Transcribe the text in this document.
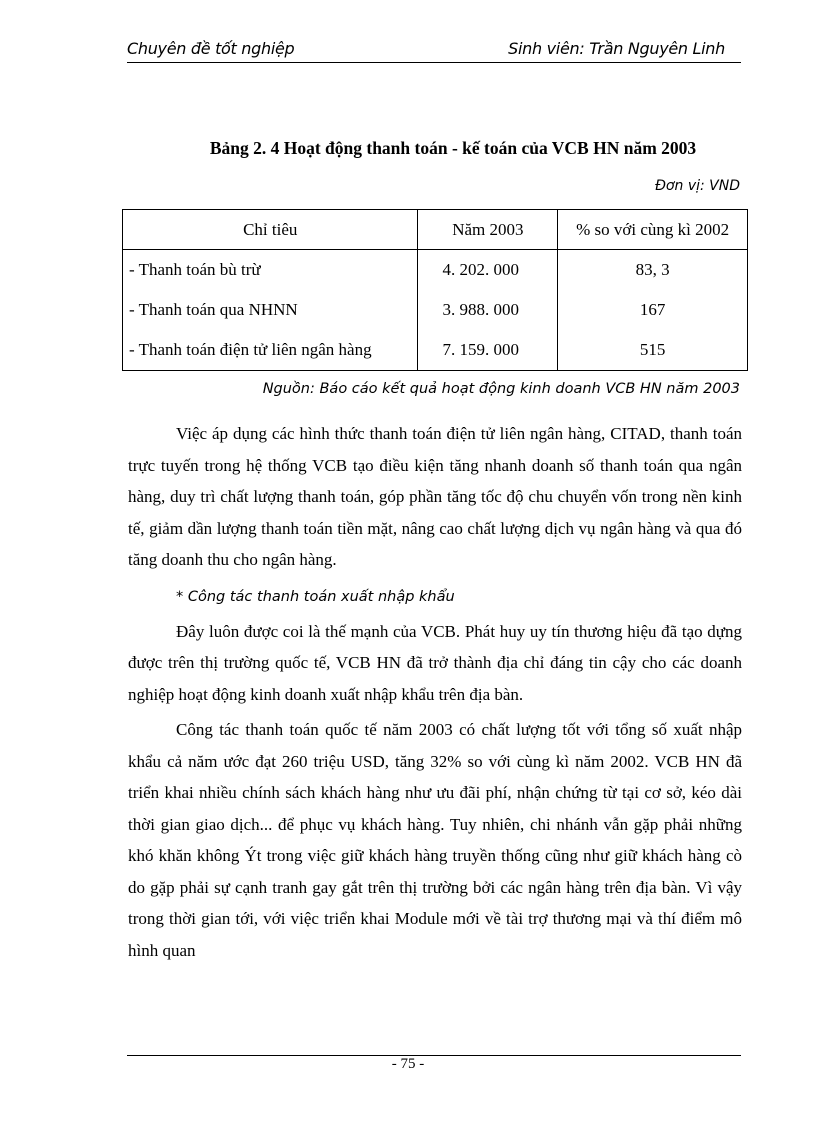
Chuyên đề tốt nghiệp	Sinh viên: Trần Nguyên Linh
Bảng 2. 4 Hoạt động thanh toán - kế toán của VCB HN năm 2003
Đơn vị: VND
Chỉ tiêu	Năm 2003	% so với cùng kì 2002
- Thanh toán bù trừ	4. 202. 000	83, 3
- Thanh toán qua NHNN	3. 988. 000	167
- Thanh toán điện tử liên ngân hàng	7. 159. 000	515
Nguồn: Báo cáo kết quả hoạt động kinh doanh VCB HN năm 2003

Việc áp dụng các hình thức thanh toán điện tử liên ngân hàng, CITAD, thanh toán trực tuyến trong hệ thống VCB tạo điều kiện tăng nhanh doanh số thanh toán qua ngân hàng, duy trì chất lượng thanh toán, góp phần tăng tốc độ chu chuyển vốn trong nền kinh tế, giảm dần lượng thanh toán tiền mặt, nâng cao chất lượng dịch vụ ngân hàng và qua đó tăng doanh thu cho ngân hàng.

* Công tác thanh toán xuất nhập khẩu

Đây luôn được coi là thế mạnh của VCB. Phát huy uy tín thương hiệu đã tạo dựng được trên thị trường quốc tế, VCB HN đã trở thành địa chỉ đáng tin cậy cho các doanh nghiệp hoạt động kinh doanh xuất nhập khẩu trên địa bàn.

Công tác thanh toán quốc tế năm 2003 có chất lượng tốt với tổng số xuất nhập khẩu cả năm ước đạt 260 triệu USD, tăng 32% so với cùng kì năm 2002. VCB HN đã triển khai nhiều chính sách khách hàng như ưu đãi phí, nhận chứng từ tại cơ sở, kéo dài thời gian giao dịch... để phục vụ khách hàng. Tuy nhiên, chi nhánh vẫn gặp phải những khó khăn không Ýt trong việc giữ khách hàng truyền thống cũng như giữ khách hàng cò do gặp phải sự cạnh tranh gay gắt trên thị trường bởi các ngân hàng trên địa bàn. Vì vậy trong thời gian tới, với việc triển khai Module mới về tài trợ thương mại và thí điểm mô hình quan

- 75 -
